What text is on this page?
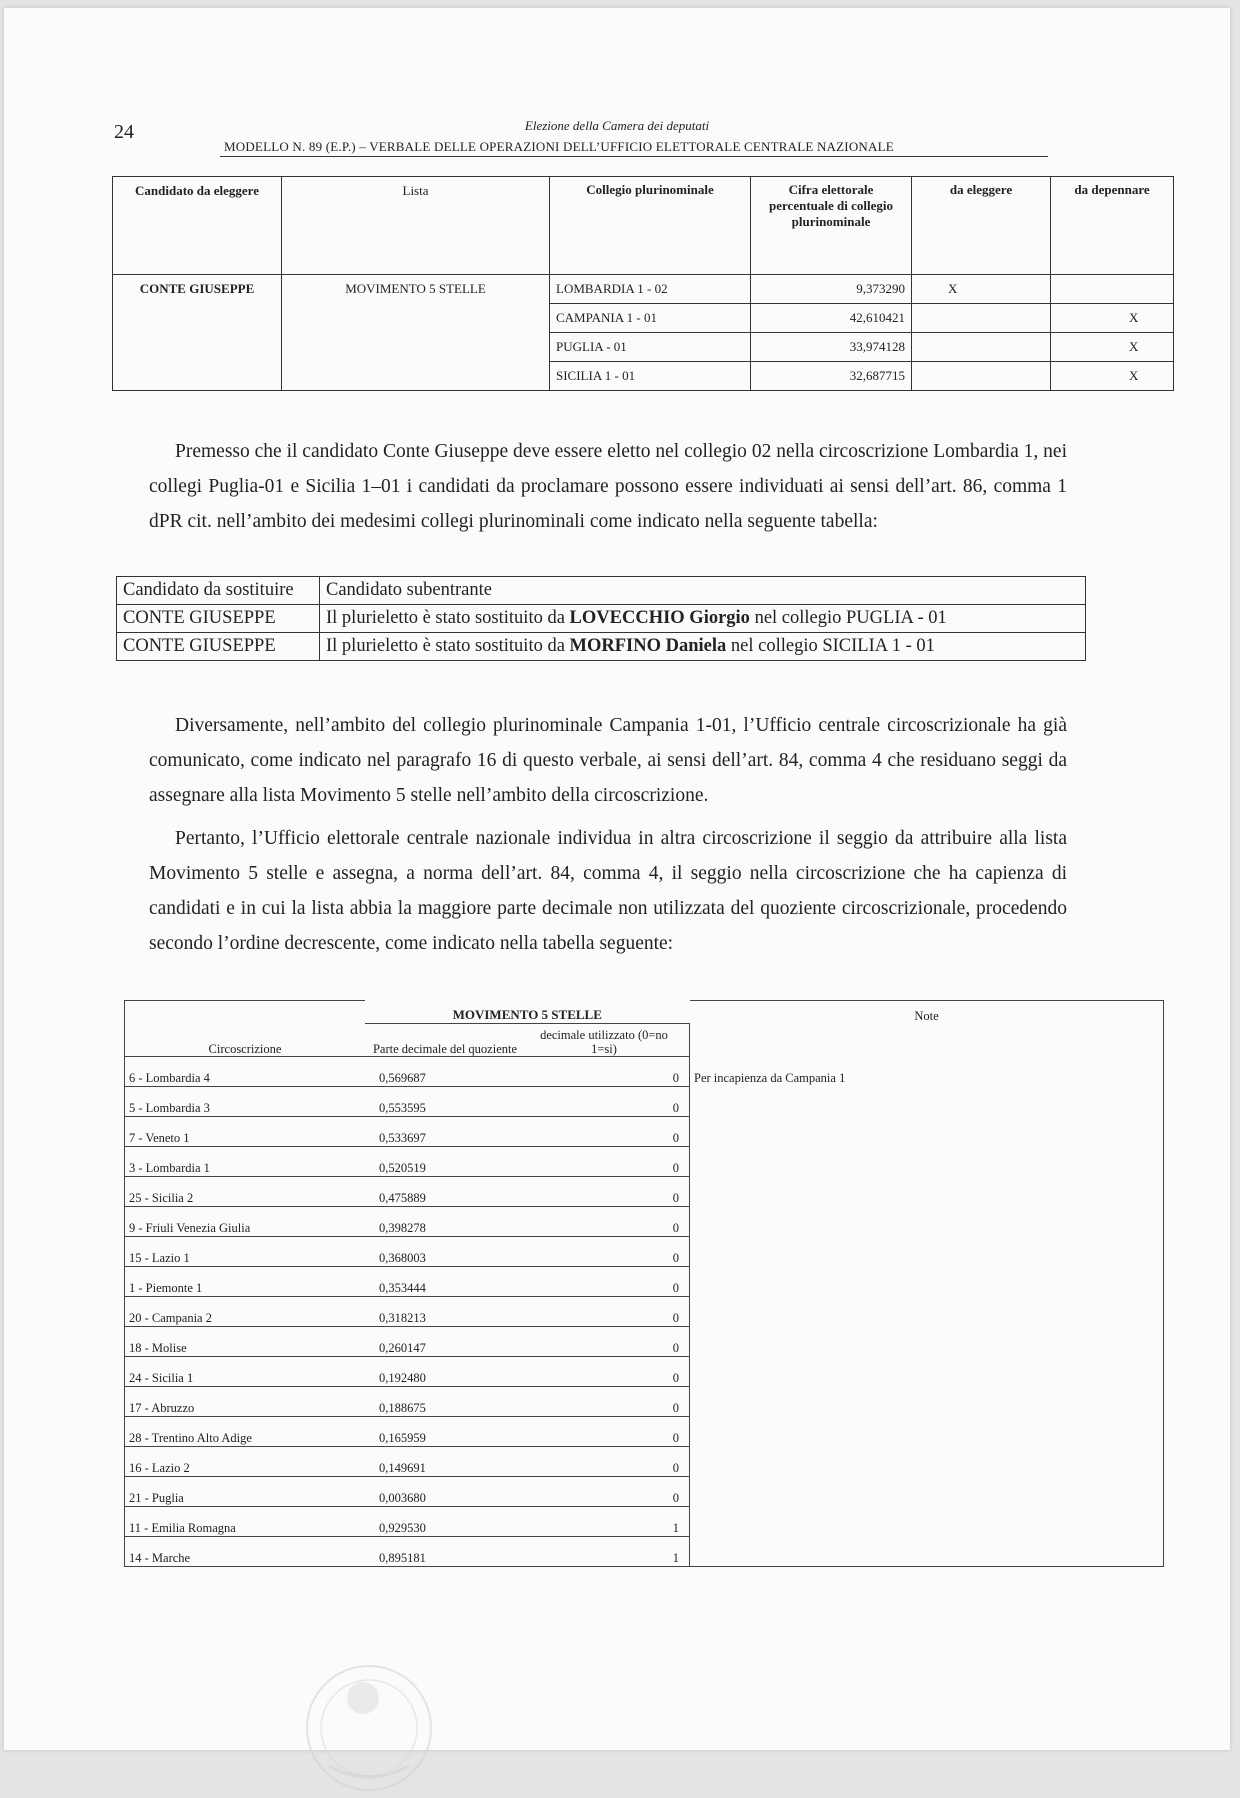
24	Elezione della Camera dei deputati
MODELLO N. 89 (E.P.) – VERBALE DELLE OPERAZIONI DELL’UFFICIO ELETTORALE CENTRALE NAZIONALE
Candidato da eleggere	Lista	Collegio plurinominale	Cifra elettorale percentuale di collegio plurinominale	da eleggere	da depennare
CONTE GIUSEPPE	MOVIMENTO 5 STELLE	LOMBARDIA 1 - 02	9,373290	X	
		CAMPANIA 1 - 01	42,610421		X
		PUGLIA - 01	33,974128		X
		SICILIA 1 - 01	32,687715		X

Premesso che il candidato Conte Giuseppe deve essere eletto nel collegio 02 nella circoscrizione Lombardia 1, nei collegi Puglia-01 e Sicilia 1–01 i candidati da proclamare possono essere individuati ai sensi dell’art. 86, comma 1 dPR cit. nell’ambito dei medesimi collegi plurinominali come indicato nella seguente tabella:

Candidato da sostituire	Candidato subentrante
CONTE GIUSEPPE	Il plurieletto è stato sostituito da LOVECCHIO Giorgio nel collegio PUGLIA - 01
CONTE GIUSEPPE	Il plurieletto è stato sostituito da MORFINO Daniela nel collegio SICILIA 1 - 01

Diversamente, nell’ambito del collegio plurinominale Campania 1-01, l’Ufficio centrale circoscrizionale ha già comunicato, come indicato nel paragrafo 16 di questo verbale, ai sensi dell’art. 84, comma 4 che residuano seggi da assegnare alla lista Movimento 5 stelle nell’ambito della circoscrizione.

Pertanto, l’Ufficio elettorale centrale nazionale individua in altra circoscrizione il seggio da attribuire alla lista Movimento 5 stelle e assegna, a norma dell’art. 84, comma 4, il seggio nella circoscrizione che ha capienza di candidati e in cui la lista abbia la maggiore parte decimale non utilizzata del quoziente circoscrizionale, procedendo secondo l’ordine decrescente, come indicato nella tabella seguente:

	MOVIMENTO 5 STELLE		Note
Circoscrizione	Parte decimale del quoziente	decimale utilizzato (0=no 1=si)	
6 - Lombardia 4	0,569687	0	Per incapienza da Campania 1
5 - Lombardia 3	0,553595	0	
7 - Veneto 1	0,533697	0	
3 - Lombardia 1	0,520519	0	
25 - Sicilia 2	0,475889	0	
9 - Friuli Venezia Giulia	0,398278	0	
15 - Lazio 1	0,368003	0	
1 - Piemonte 1	0,353444	0	
20 - Campania 2	0,318213	0	
18 - Molise	0,260147	0	
24 - Sicilia 1	0,192480	0	
17 - Abruzzo	0,188675	0	
28 - Trentino Alto Adige	0,165959	0	
16 - Lazio 2	0,149691	0	
21 - Puglia	0,003680	0	
11 - Emilia Romagna	0,929530	1	
14 - Marche	0,895181	1	
